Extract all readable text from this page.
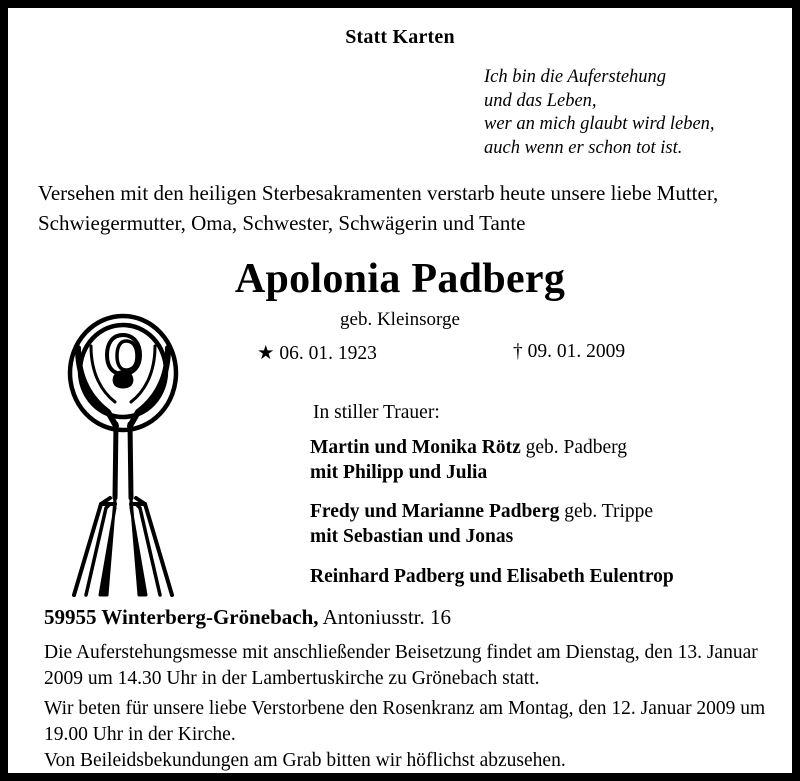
Statt Karten
Ich bin die Auferstehung
und das Leben,
wer an mich glaubt wird leben,
auch wenn er schon tot ist.
Versehen mit den heiligen Sterbesakramenten verstarb heute unsere liebe Mutter, Schwiegermutter, Oma, Schwester, Schwägerin und Tante
Apolonia Padberg
geb. Kleinsorge
★ 06. 01. 1923	† 09. 01. 2009
In stiller Trauer:
Martin und Monika Rötz geb. Padberg
mit Philipp und Julia
Fredy und Marianne Padberg geb. Trippe
mit Sebastian und Jonas
Reinhard Padberg und Elisabeth Eulentrop
59955 Winterberg-Grönebach, Antoniusstr. 16
Die Auferstehungsmesse mit anschließender Beisetzung findet am Dienstag, den 13. Januar 2009 um 14.30 Uhr in der Lambertuskirche zu Grönebach statt.
Wir beten für unsere liebe Verstorbene den Rosenkranz am Montag, den 12. Januar 2009 um 19.00 Uhr in der Kirche.
Von Beileidsbekundungen am Grab bitten wir höflichst abzusehen.
